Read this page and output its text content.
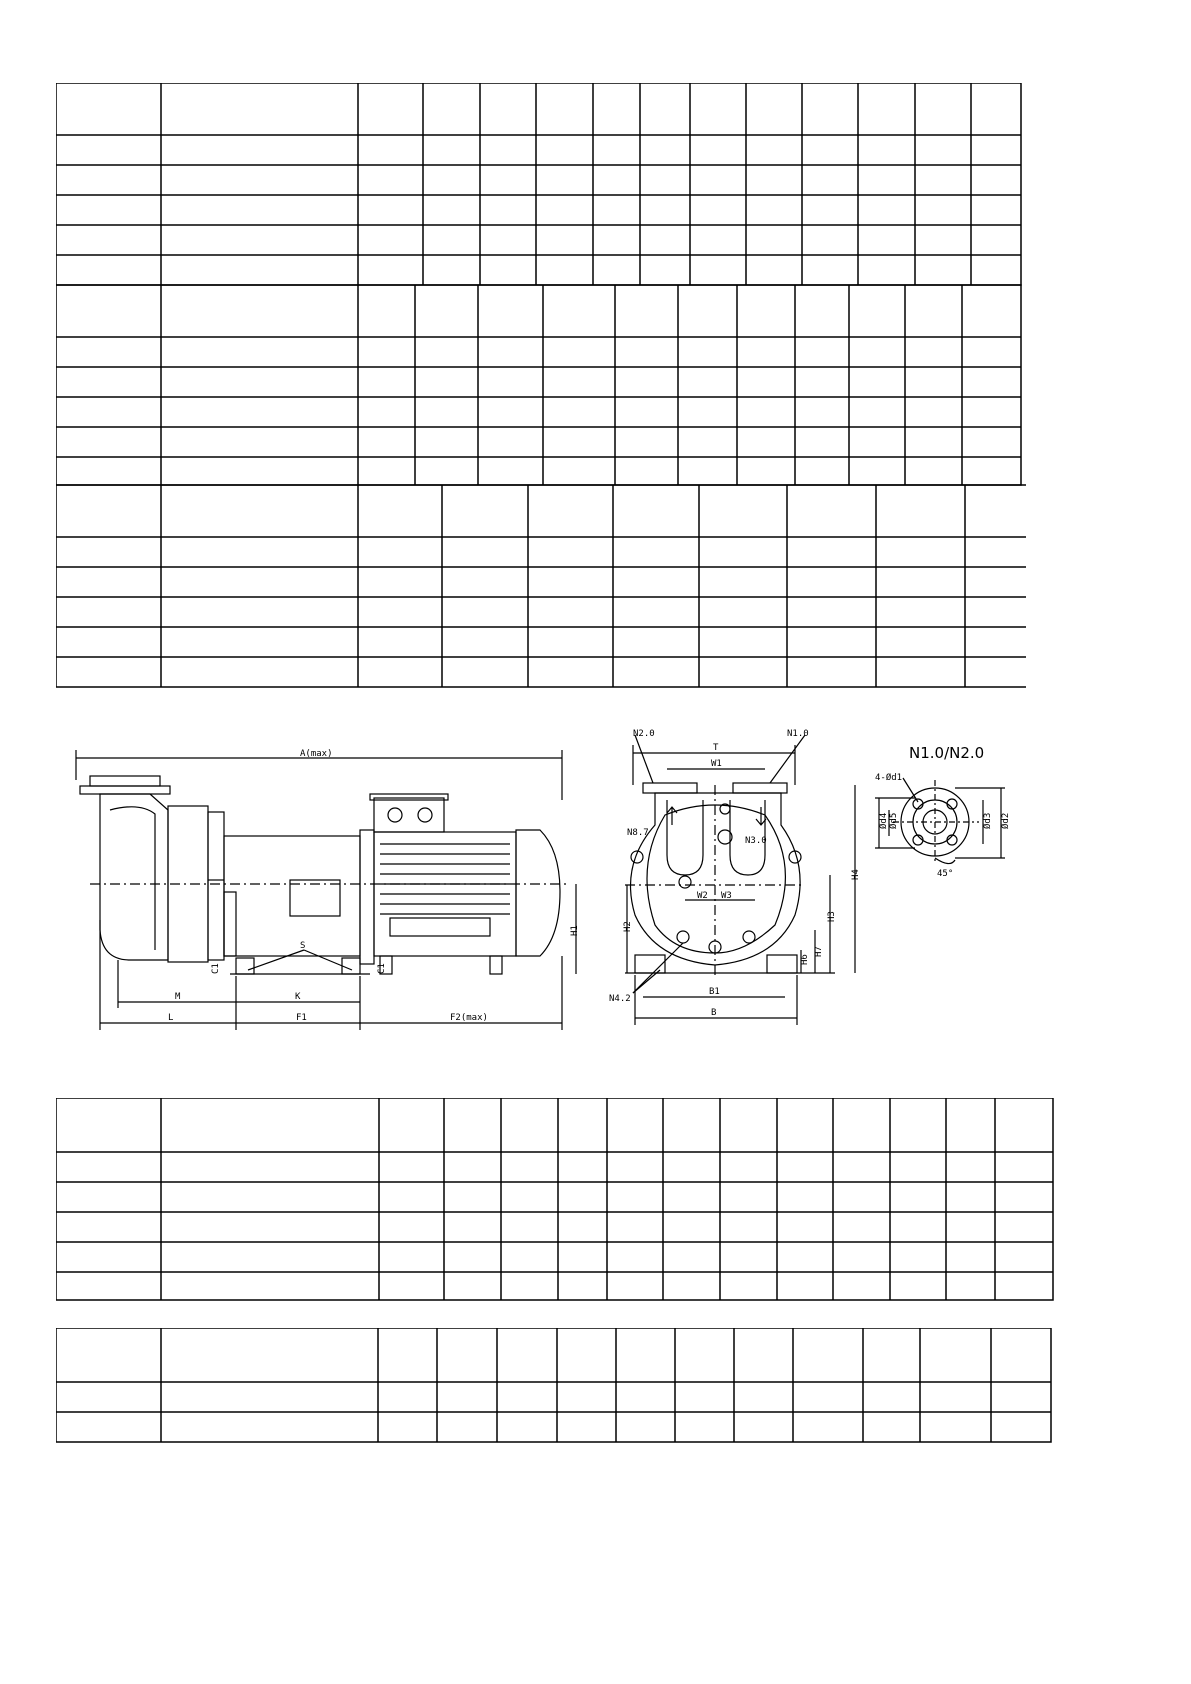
A(max)
S
C1	C1
H1
M	K
L	F1	F2(max)
N2.0	N1.0
T
W1
N8.7
N3.0
W2 W3
H2
H3
H4
H6
H7
N4.2
B1
B
N1.0/N2.0
4-Ød1
Ød4 Ød5	Ød3 Ød2
45°
